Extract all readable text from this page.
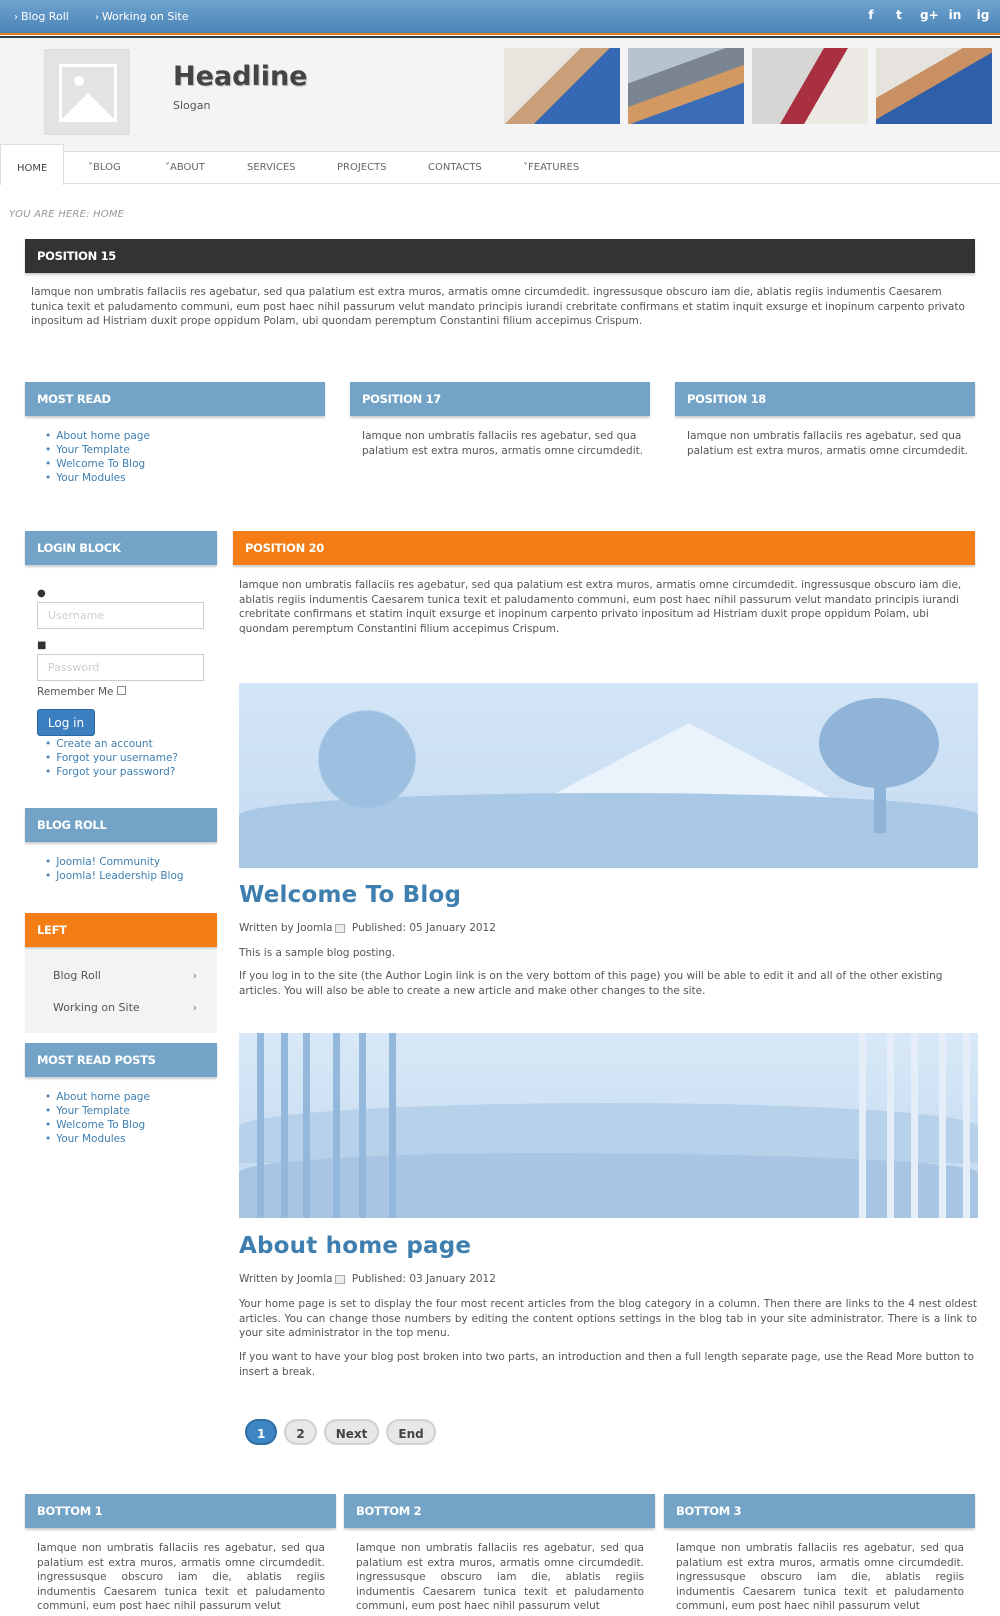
› Blog Roll	› Working on Site	f	t	g+ in ig
Headline
Slogan
HOME	˅BLOG	˅ABOUT	SERVICES	PROJECTS	CONTACTS	˅FEATURES
YOU ARE HERE: HOME
POSITION 15
Iamque non umbratis fallaciis res agebatur, sed qua palatium est extra muros, armatis omne circumdedit. ingressusque obscuro iam die, ablatis regiis indumentis Caesarem tunica texit et paludamento communi, eum post haec nihil passurum velut mandato principis iurandi crebritate confirmans et statim inquit exsurge et inopinum carpento privato inpositum ad Histriam duxit prope oppidum Polam, ubi quondam peremptum Constantini filium accepimus Crispum.
MOST READ
• About home page
• Your Template
• Welcome To Blog
• Your Modules
POSITION 17
Iamque non umbratis fallaciis res agebatur, sed qua palatium est extra muros, armatis omne circumdedit.
POSITION 18
Iamque non umbratis fallaciis res agebatur, sed qua palatium est extra muros, armatis omne circumdedit.
LOGIN BLOCK
●
Username
■
Password
Remember Me
Log in
• Create an account
• Forgot your username?
• Forgot your password?
BLOG ROLL
• Joomla! Community
• Joomla! Leadership Blog
LEFT
Blog Roll	›
Working on Site	›
MOST READ POSTS
• About home page
• Your Template
• Welcome To Blog
• Your Modules
POSITION 20
Iamque non umbratis fallaciis res agebatur, sed qua palatium est extra muros, armatis omne circumdedit. ingressusque obscuro iam die, ablatis regiis indumentis Caesarem tunica texit et paludamento communi, eum post haec nihil passurum velut mandato principis iurandi crebritate confirmans et statim inquit exsurge et inopinum carpento privato inpositum ad Histriam duxit prope oppidum Polam, ubi quondam peremptum Constantini filium accepimus Crispum.
Welcome To Blog
Written by Joomla Published: 05 January 2012
This is a sample blog posting.
If you log in to the site (the Author Login link is on the very bottom of this page) you will be able to edit it and all of the other existing articles. You will also be able to create a new article and make other changes to the site.
About home page
Written by Joomla Published: 03 January 2012
Your home page is set to display the four most recent articles from the blog category in a column. Then there are links to the 4 nest oldest articles. You can change those numbers by editing the content options settings in the blog tab in your site administrator. There is a link to your site administrator in the top menu.
If you want to have your blog post broken into two parts, an introduction and then a full length separate page, use the Read More button to insert a break.
1	2	Next	End
BOTTOM 1
Iamque non umbratis fallaciis res agebatur, sed qua palatium est extra muros, armatis omne circumdedit. ingressusque obscuro iam die, ablatis regiis indumentis Caesarem tunica texit et paludamento communi, eum post haec nihil passurum velut
BOTTOM 2
Iamque non umbratis fallaciis res agebatur, sed qua palatium est extra muros, armatis omne circumdedit. ingressusque obscuro iam die, ablatis regiis indumentis Caesarem tunica texit et paludamento communi, eum post haec nihil passurum velut
BOTTOM 3
Iamque non umbratis fallaciis res agebatur, sed qua palatium est extra muros, armatis omne circumdedit. ingressusque obscuro iam die, ablatis regiis indumentis Caesarem tunica texit et paludamento communi, eum post haec nihil passurum velut
